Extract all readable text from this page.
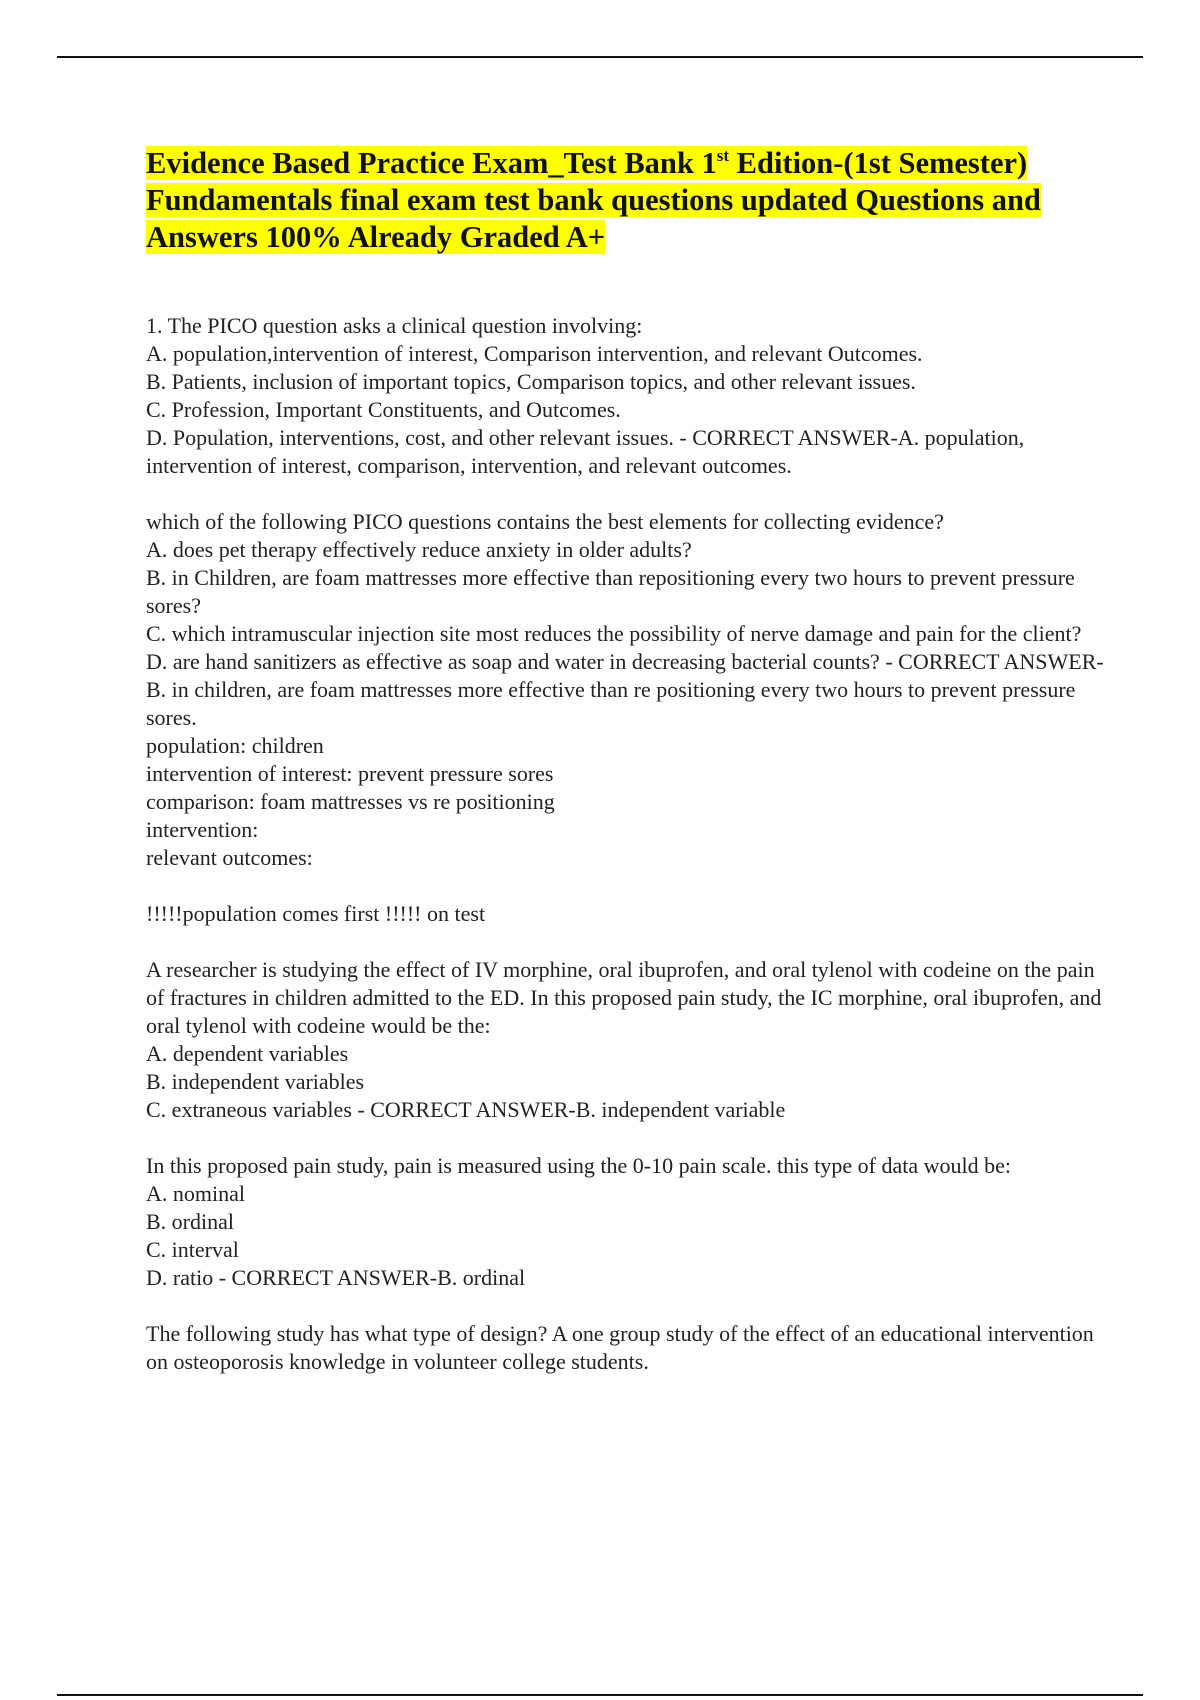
Evidence Based Practice Exam_Test Bank 1st Edition-(1st Semester) Fundamentals final exam test bank questions updated Questions and Answers 100% Already Graded A+
1. The PICO question asks a clinical question involving:
A. population,intervention of interest, Comparison intervention, and relevant Outcomes.
B. Patients, inclusion of important topics, Comparison topics, and other relevant issues.
C. Profession, Important Constituents, and Outcomes.
D. Population, interventions, cost, and other relevant issues. - CORRECT ANSWER-A. population, intervention of interest, comparison, intervention, and relevant outcomes.
which of the following PICO questions contains the best elements for collecting evidence?
A. does pet therapy effectively reduce anxiety in older adults?
B. in Children, are foam mattresses more effective than repositioning every two hours to prevent pressure sores?
C. which intramuscular injection site most reduces the possibility of nerve damage and pain for the client?
D. are hand sanitizers as effective as soap and water in decreasing bacterial counts? - CORRECT ANSWER-B. in children, are foam mattresses more effective than re positioning every two hours to prevent pressure sores.
population: children
intervention of interest: prevent pressure sores
comparison: foam mattresses vs re positioning
intervention:
relevant outcomes:
!!!!!population comes first !!!!! on test
A researcher is studying the effect of IV morphine, oral ibuprofen, and oral tylenol with codeine on the pain of fractures in children admitted to the ED. In this proposed pain study, the IC morphine, oral ibuprofen, and oral tylenol with codeine would be the:
A. dependent variables
B. independent variables
C. extraneous variables - CORRECT ANSWER-B. independent variable
In this proposed pain study, pain is measured using the 0-10 pain scale. this type of data would be:
A. nominal
B. ordinal
C. interval
D. ratio - CORRECT ANSWER-B. ordinal
The following study has what type of design? A one group study of the effect of an educational intervention on osteoporosis knowledge in volunteer college students.
